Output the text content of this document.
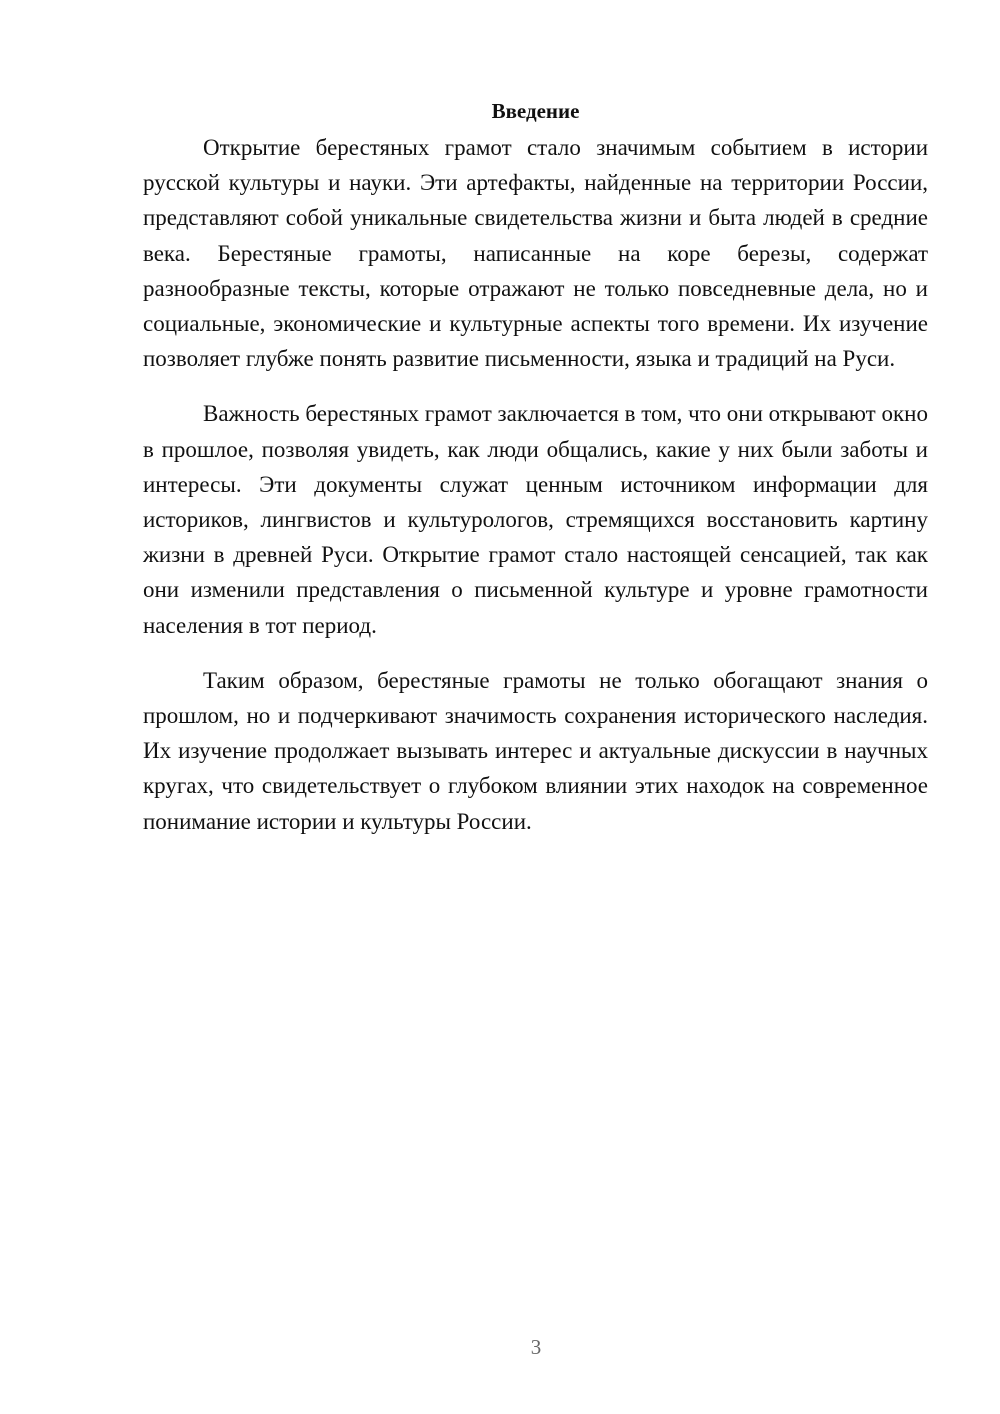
Введение

Открытие берестяных грамот стало значимым событием в истории русской культуры и науки. Эти артефакты, найденные на территории России, представляют собой уникальные свидетельства жизни и быта людей в средние века. Берестяные грамоты, написанные на коре березы, содержат разнообразные тексты, которые отражают не только повседневные дела, но и социальные, экономические и культурные аспекты того времени. Их изучение позволяет глубже понять развитие письменности, языка и традиций на Руси.

Важность берестяных грамот заключается в том, что они открывают окно в прошлое, позволяя увидеть, как люди общались, какие у них были заботы и интересы. Эти документы служат ценным источником информации для историков, лингвистов и культурологов, стремящихся восстановить картину жизни в древней Руси. Открытие грамот стало настоящей сенсацией, так как они изменили представления о письменной культуре и уровне грамотности населения в тот период.

Таким образом, берестяные грамоты не только обогащают знания о прошлом, но и подчеркивают значимость сохранения исторического наследия. Их изучение продолжает вызывать интерес и актуальные дискуссии в научных кругах, что свидетельствует о глубоком влиянии этих находок на современное понимание истории и культуры России.

3
